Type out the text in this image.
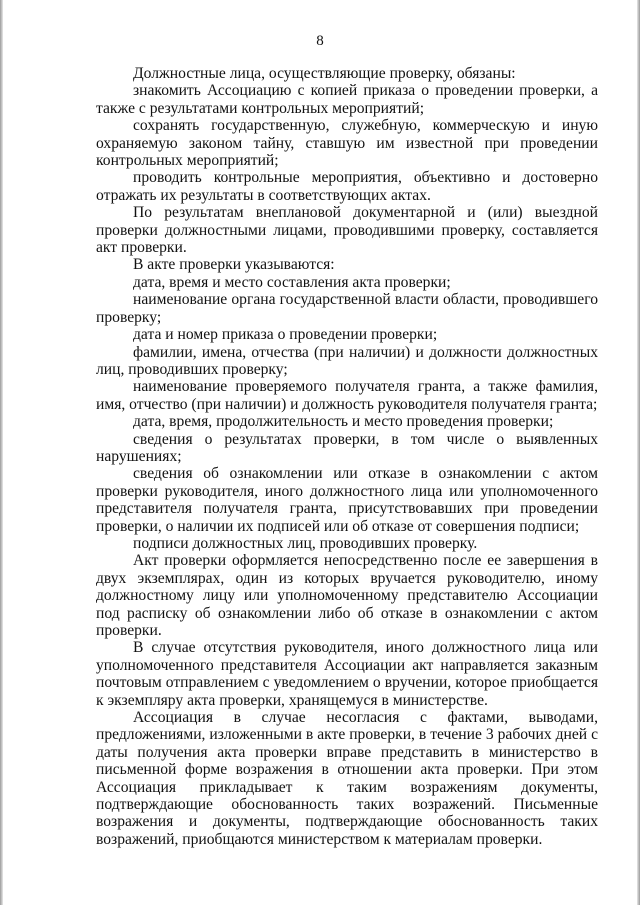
8

Должностные лица, осуществляющие проверку, обязаны:

знакомить Ассоциацию с копией приказа о проведении проверки, а также с результатами контрольных мероприятий;

сохранять государственную, служебную, коммерческую и иную охраняемую законом тайну, ставшую им известной при проведении контрольных мероприятий;

проводить контрольные мероприятия, объективно и достоверно отражать их результаты в соответствующих актах.

По результатам внеплановой документарной и (или) выездной проверки должностными лицами, проводившими проверку, составляется акт проверки.

В акте проверки указываются:

дата, время и место составления акта проверки;

наименование органа государственной власти области, проводившего проверку;

дата и номер приказа о проведении проверки;

фамилии, имена, отчества (при наличии) и должности должностных лиц, проводивших проверку;

наименование проверяемого получателя гранта, а также фамилия, имя, отчество (при наличии) и должность руководителя получателя гранта;

дата, время, продолжительность и место проведения проверки;

сведения о результатах проверки, в том числе о выявленных нарушениях;

сведения об ознакомлении или отказе в ознакомлении с актом проверки руководителя, иного должностного лица или уполномоченного представителя получателя гранта, присутствовавших при проведении проверки, о наличии их подписей или об отказе от совершения подписи;

подписи должностных лиц, проводивших проверку.

Акт проверки оформляется непосредственно после ее завершения в двух экземплярах, один из которых вручается руководителю, иному должностному лицу или уполномоченному представителю Ассоциации под расписку об ознакомлении либо об отказе в ознакомлении с актом проверки.

В случае отсутствия руководителя, иного должностного лица или уполномоченного представителя Ассоциации акт направляется заказным почтовым отправлением с уведомлением о вручении, которое приобщается к экземпляру акта проверки, хранящемуся в министерстве.

Ассоциация в случае несогласия с фактами, выводами, предложениями, изложенными в акте проверки, в течение 3 рабочих дней с даты получения акта проверки вправе представить в министерство в письменной форме возражения в отношении акта проверки. При этом Ассоциация прикладывает к таким возражениям документы, подтверждающие обоснованность таких возражений. Письменные возражения и документы, подтверждающие обоснованность таких возражений, приобщаются министерством к материалам проверки.
